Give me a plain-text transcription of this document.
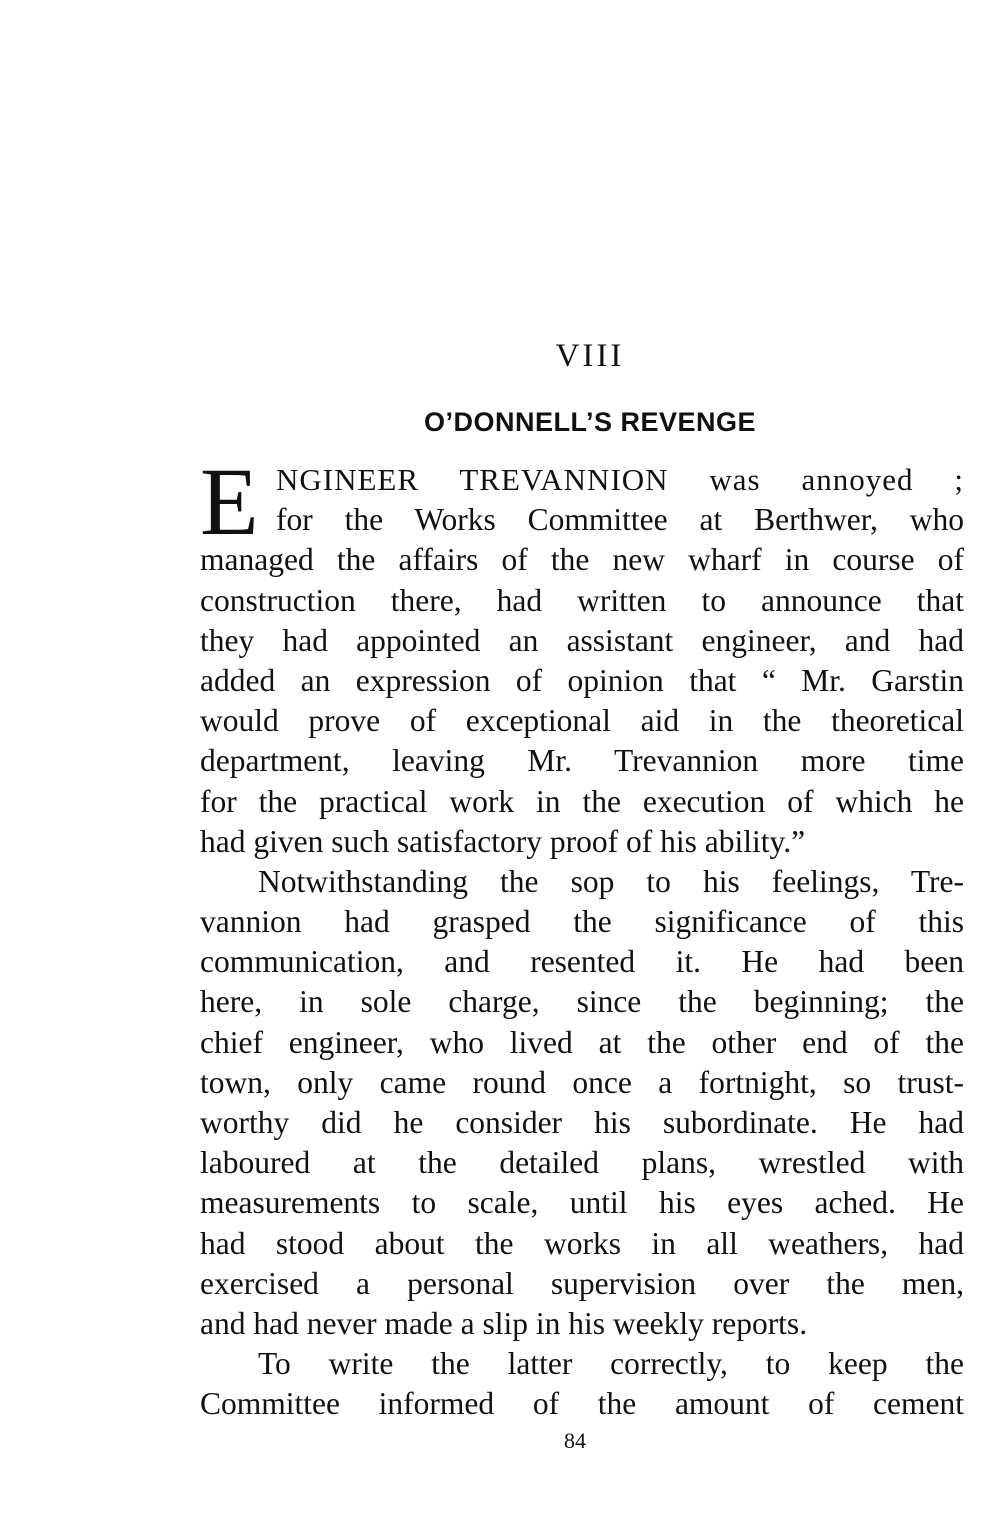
VIII
O’DONNELL’S REVENGE
E NGINEER TREVANNION was annoyed ;
for the Works Committee at Berthwer, who
managed the affairs of the new wharf in course of
construction there, had written to announce that
they had appointed an assistant engineer, and had
added an expression of opinion that “ Mr. Garstin
would prove of exceptional aid in the theoretical
department, leaving Mr. Trevannion more time
for the practical work in the execution of which he
had given such satisfactory proof of his ability.”
Notwithstanding the sop to his feelings, Tre-
vannion had grasped the significance of this
communication, and resented it. He had been
here, in sole charge, since the beginning; the
chief engineer, who lived at the other end of the
town, only came round once a fortnight, so trust-
worthy did he consider his subordinate. He had
laboured at the detailed plans, wrestled with
measurements to scale, until his eyes ached. He
had stood about the works in all weathers, had
exercised a personal supervision over the men,
and had never made a slip in his weekly reports.
To write the latter correctly, to keep the
Committee informed of the amount of cement
84
